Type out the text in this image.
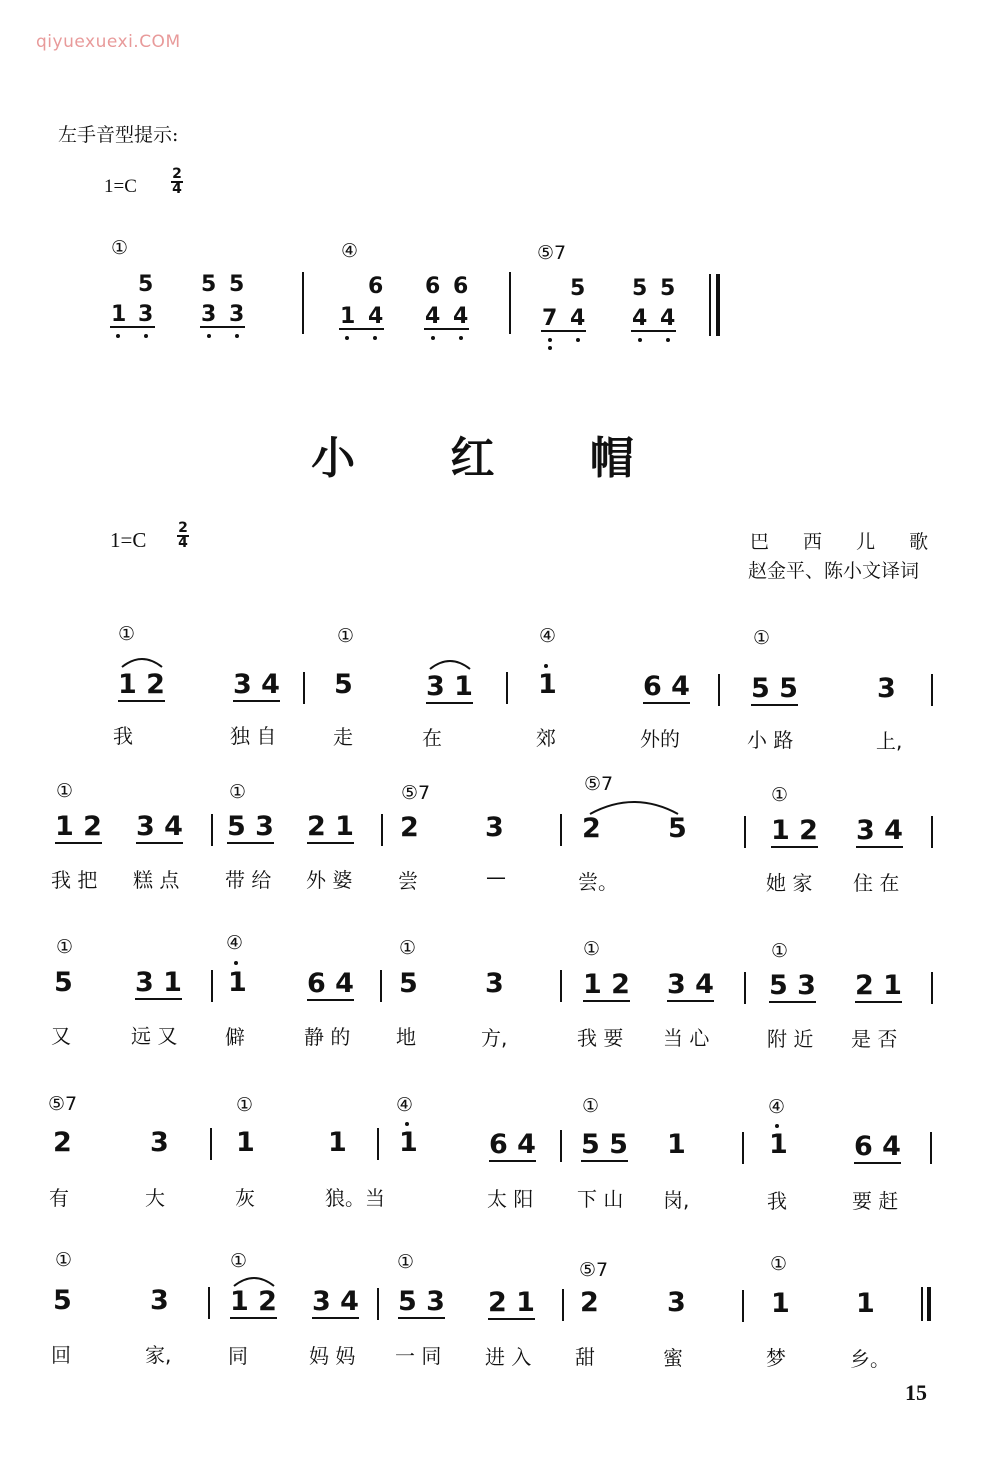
qiyuexuexi.COM
左手音型提示:
1=C
2
4
①	④	⑤7
5
1 3
5 5
3 3
6
1 4
6 6
4 4
5
7 4
5 5
4 4
小 红 帽
1=C 2
4	巴 西 儿 歌
赵金平、陈小文译词
①	①	④	①
1 2	3 4 5	3 1 1	6 4 5 5	3
我	独 自	走	在	郊	外的	小 路	上,
①	①	⑤7	⑤7	①
1 2 3 4 5 3 2 1 2 3	2 5	1 2 3 4
我 把 糕 点 带 给 外 婆 尝	—	尝。	她 家 住 在
①	④	①	①	①
5 3 1 1 6 4 5 3	1 2 3 4 5 3 2 1
又	远 又 僻	静 的 地	方,	我 要 当 心	附 近 是 否
⑤7	①	④	①	④
2	3 1	1 1	6 4 5 5 1	1 6 4
有	大	灰	狼。当	太 阳 下 山 岗,	我	要 赶
①	①	①	⑤7	①
5	3 1 2 3 4 5 3 2 1 2	3	1 1
回	家,	同	妈 妈 一 同 进 入 甜	蜜	梦	乡。
15
